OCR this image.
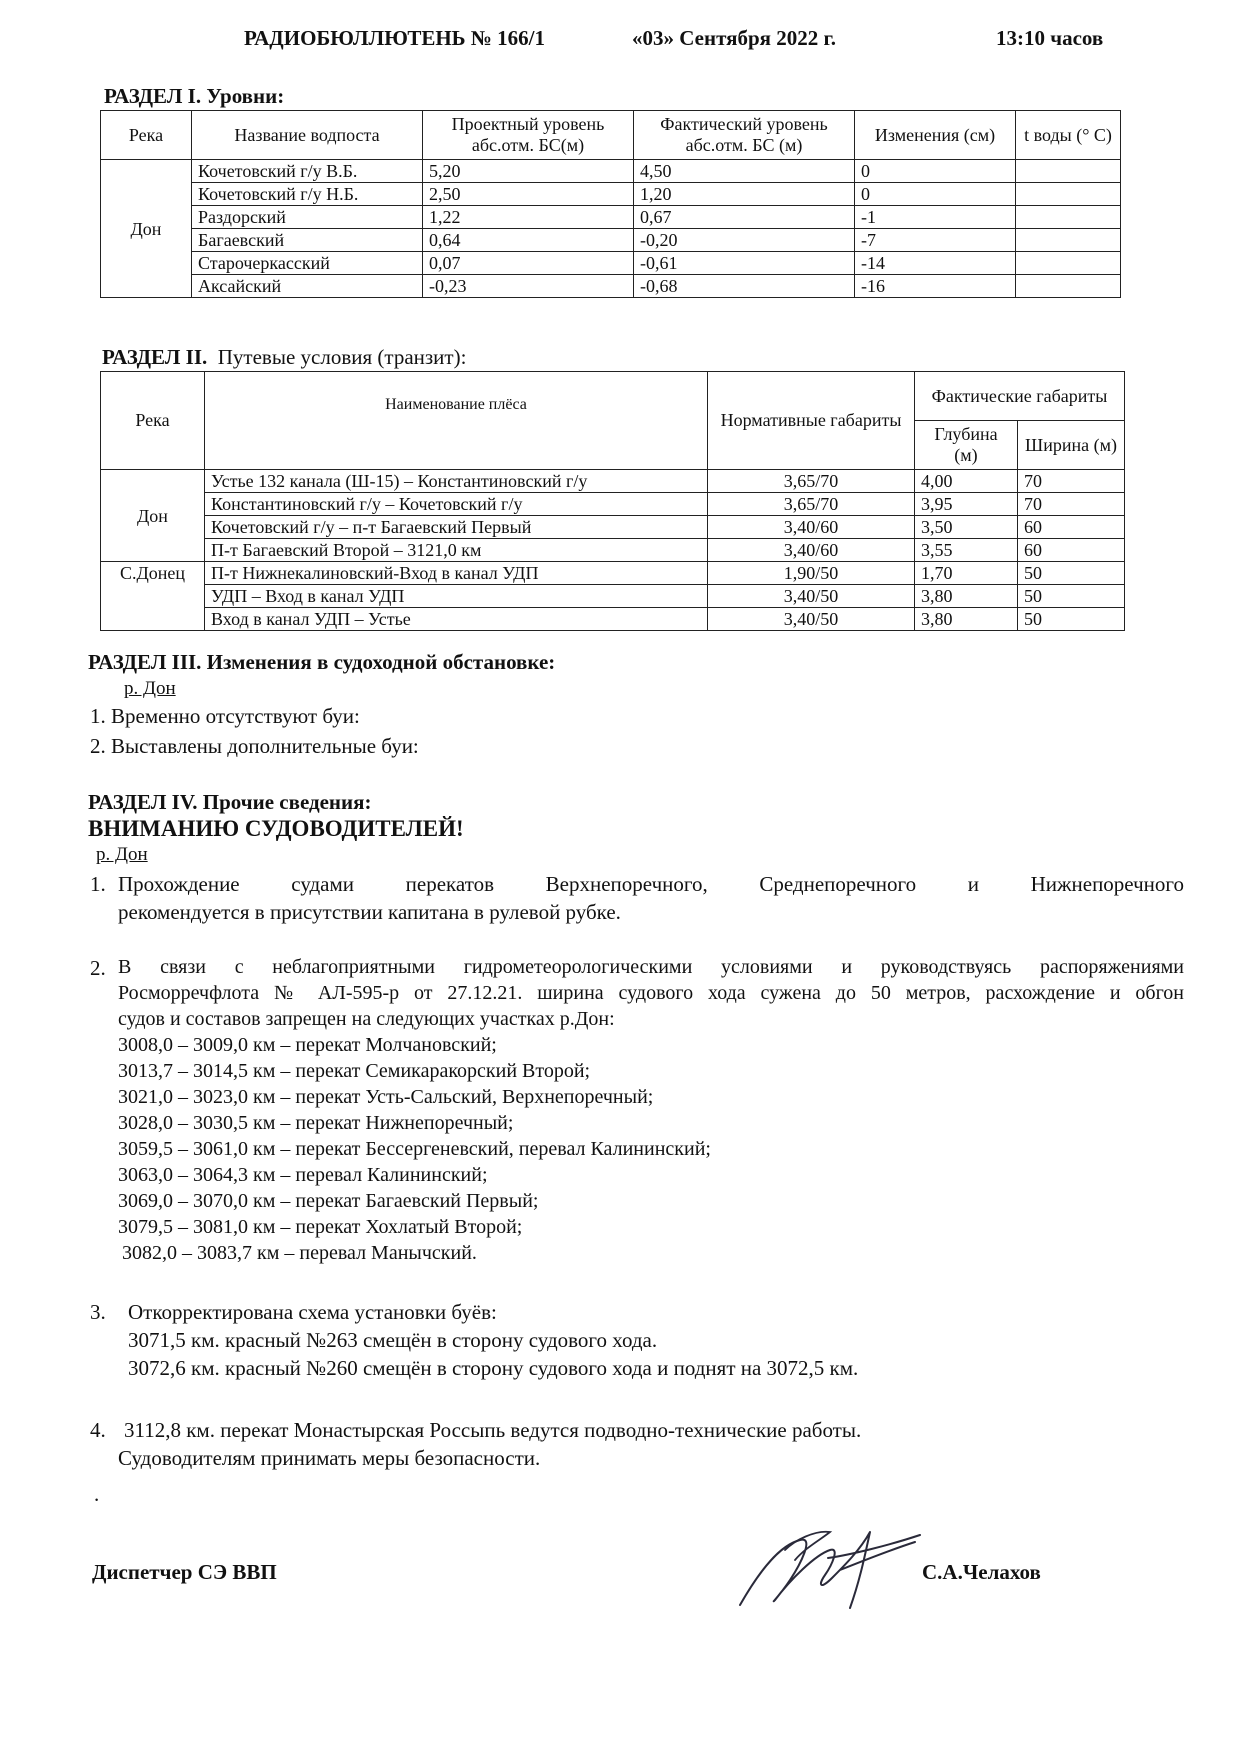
РАДИОБЮЛЛЮТЕНЬ № 166/1	«03» Сентября 2022 г.	13:10 часов
РАЗДЕЛ I. Уровни:
Река	Название водпоста	Проектный уровень абс.отм. БС(м)	Фактический уровень абс.отм. БС (м)	Изменения (см)	t воды (° С)
Дон	Кочетовский г/у В.Б.	5,20	4,50	0	
	Кочетовский г/у Н.Б.	2,50	1,20	0	
	Раздорский	1,22	0,67	-1	
	Багаевский	0,64	-0,20	-7	
	Старочеркасский	0,07	-0,61	-14	
	Аксайский	-0,23	-0,68	-16	
РАЗДЕЛ II. Путевые условия (транзит):
Река	Наименование плёса	Нормативные габариты	Фактические габариты	
			Глубина (м)	Ширина (м)
Дон	Устье 132 канала (Ш-15) – Константиновский г/у	3,65/70	4,00	70
	Константиновский г/у – Кочетовский г/у	3,65/70	3,95	70
	Кочетовский г/у – п-т Багаевский Первый	3,40/60	3,50	60
	П-т Багаевский Второй – 3121,0 км	3,40/60	3,55	60
С.Донец	П-т Нижнекалиновский-Вход в канал УДП	1,90/50	1,70	50
	УДП – Вход в канал УДП	3,40/50	3,80	50
	Вход в канал УДП – Устье	3,40/50	3,80	50
РАЗДЕЛ III. Изменения в судоходной обстановке:
р. Дон
1. Временно отсутствуют буи:
2. Выставлены дополнительные буи:
РАЗДЕЛ IV. Прочие сведения:
ВНИМАНИЮ СУДОВОДИТЕЛЕЙ!
р. Дон
1. Прохождение судами перекатов Верхнепоречного, Среднепоречного и Нижнепоречного
рекомендуется в присутствии капитана в рулевой рубке.
2. В связи с неблагоприятными гидрометеорологическими условиями и руководствуясь распоряжениями
Росморречфлота № АЛ-595-р от 27.12.21. ширина судового хода сужена до 50 метров, расхождение и обгон
судов и составов запрещен на следующих участках р.Дон:
3008,0 – 3009,0 км – перекат Молчановский;
3013,7 – 3014,5 км – перекат Семикаракорский Второй;
3021,0 – 3023,0 км – перекат Усть-Сальский, Верхнепоречный;
3028,0 – 3030,5 км – перекат Нижнепоречный;
3059,5 – 3061,0 км – перекат Бессергеневский, перевал Калининский;
3063,0 – 3064,3 км – перевал Калининский;
3069,0 – 3070,0 км – перекат Багаевский Первый;
3079,5 – 3081,0 км – перекат Хохлатый Второй;
3082,0 – 3083,7 км – перевал Манычский.
3. Откорректирована схема установки буёв:
3071,5 км. красный №263 смещён в сторону судового хода.
3072,6 км. красный №260 смещён в сторону судового хода и поднят на 3072,5 км.
4. 3112,8 км. перекат Монастырская Россыпь ведутся подводно-технические работы.
Судоводителям принимать меры безопасности.
.
Диспетчер СЭ ВВП	С.А.Челахов
